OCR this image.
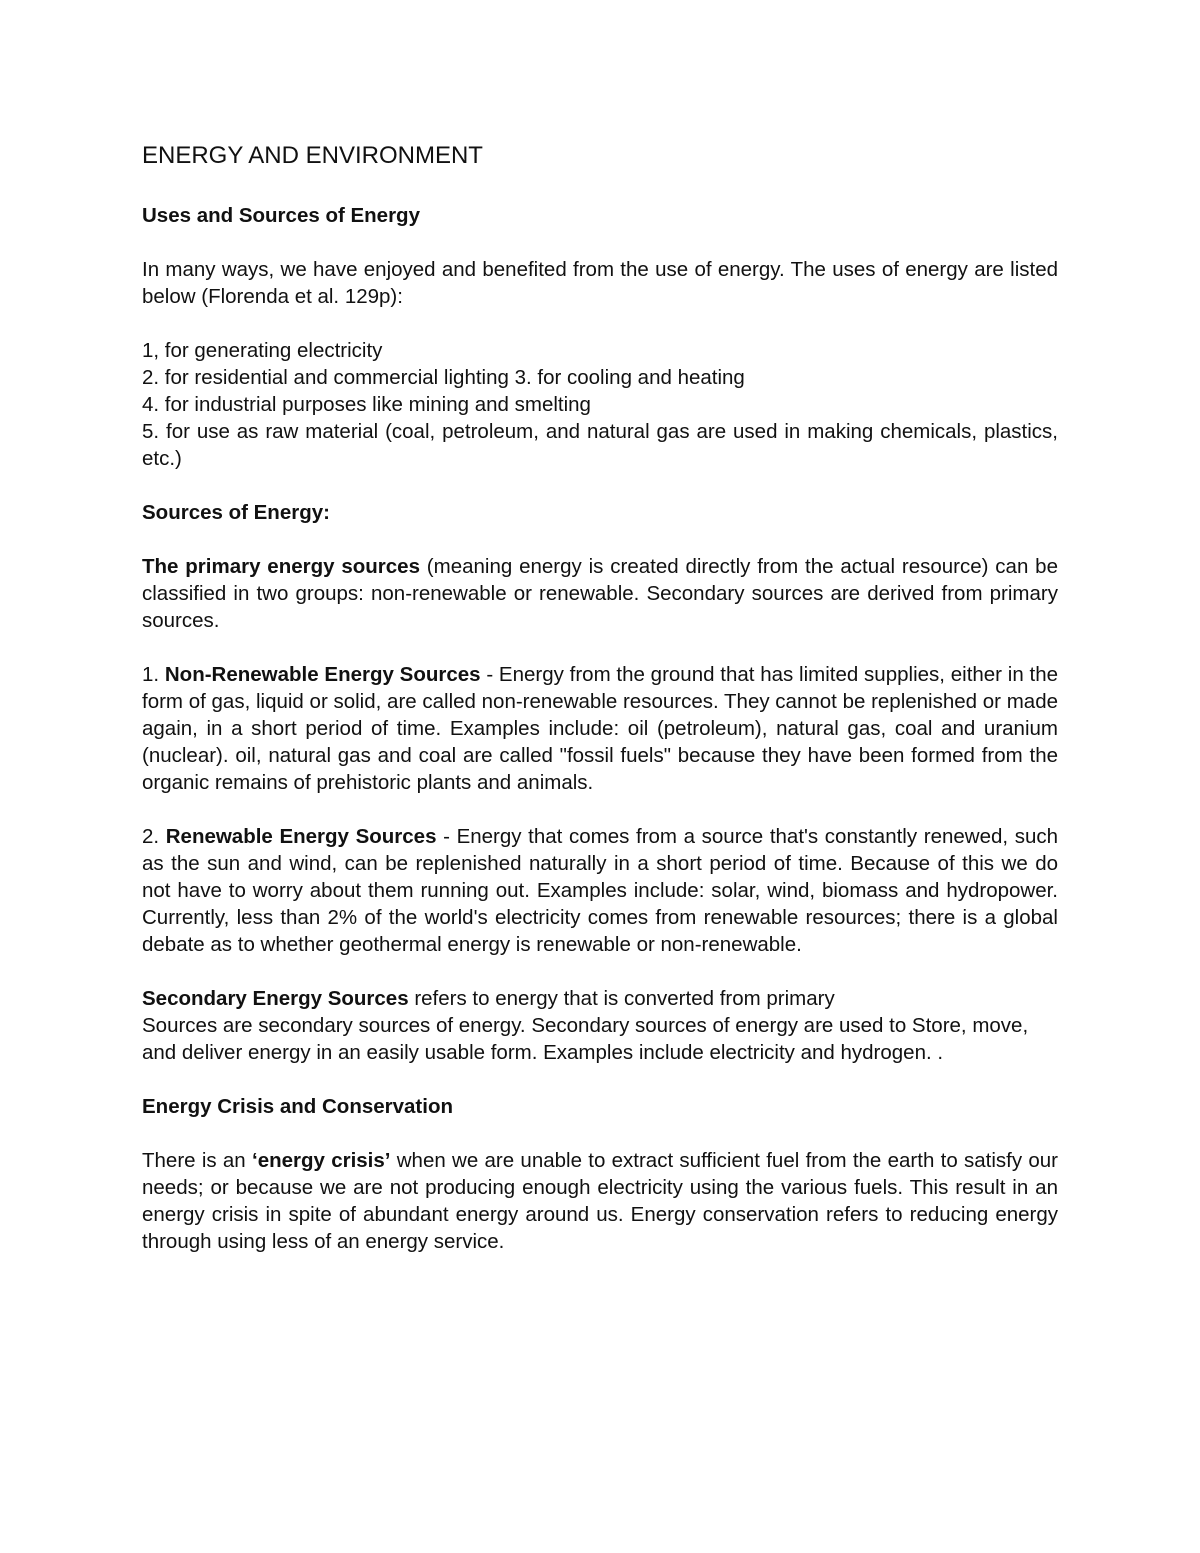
ENERGY AND ENVIRONMENT
Uses and Sources of Energy

In many ways, we have enjoyed and benefited from the use of energy. The uses of energy are listed below (Florenda et al. 129p):

1, for generating electricity
2. for residential and commercial lighting 3. for cooling and heating
4. for industrial purposes like mining and smelting
5. for use as raw material (coal, petroleum, and natural gas are used in making chemicals, plastics, etc.)
Sources of Energy:

The primary energy sources (meaning energy is created directly from the actual resource) can be classified in two groups: non-renewable or renewable. Secondary sources are derived from primary sources.

1. Non-Renewable Energy Sources - Energy from the ground that has limited supplies, either in the form of gas, liquid or solid, are called non-renewable resources. They cannot be replenished or made again, in a short period of time. Examples include: oil (petroleum), natural gas, coal and uranium (nuclear). oil, natural gas and coal are called "fossil fuels" because they have been formed from the organic remains of prehistoric plants and animals.

2. Renewable Energy Sources - Energy that comes from a source that's constantly renewed, such as the sun and wind, can be replenished naturally in a short period of time. Because of this we do not have to worry about them running out. Examples include: solar, wind, biomass and hydropower. Currently, less than 2% of the world's electricity comes from renewable resources; there is a global debate as to whether geothermal energy is renewable or non-renewable.

Secondary Energy Sources refers to energy that is converted from primary

Sources are secondary sources of energy. Secondary sources of energy are used to Store, move, and deliver energy in an easily usable form. Examples include electricity and hydrogen. .

Energy Crisis and Conservation

There is an ‘energy crisis’ when we are unable to extract sufficient fuel from the earth to satisfy our needs; or because we are not producing enough electricity using the various fuels. This result in an energy crisis in spite of abundant energy around us. Energy conservation refers to reducing energy through using less of an energy service.
